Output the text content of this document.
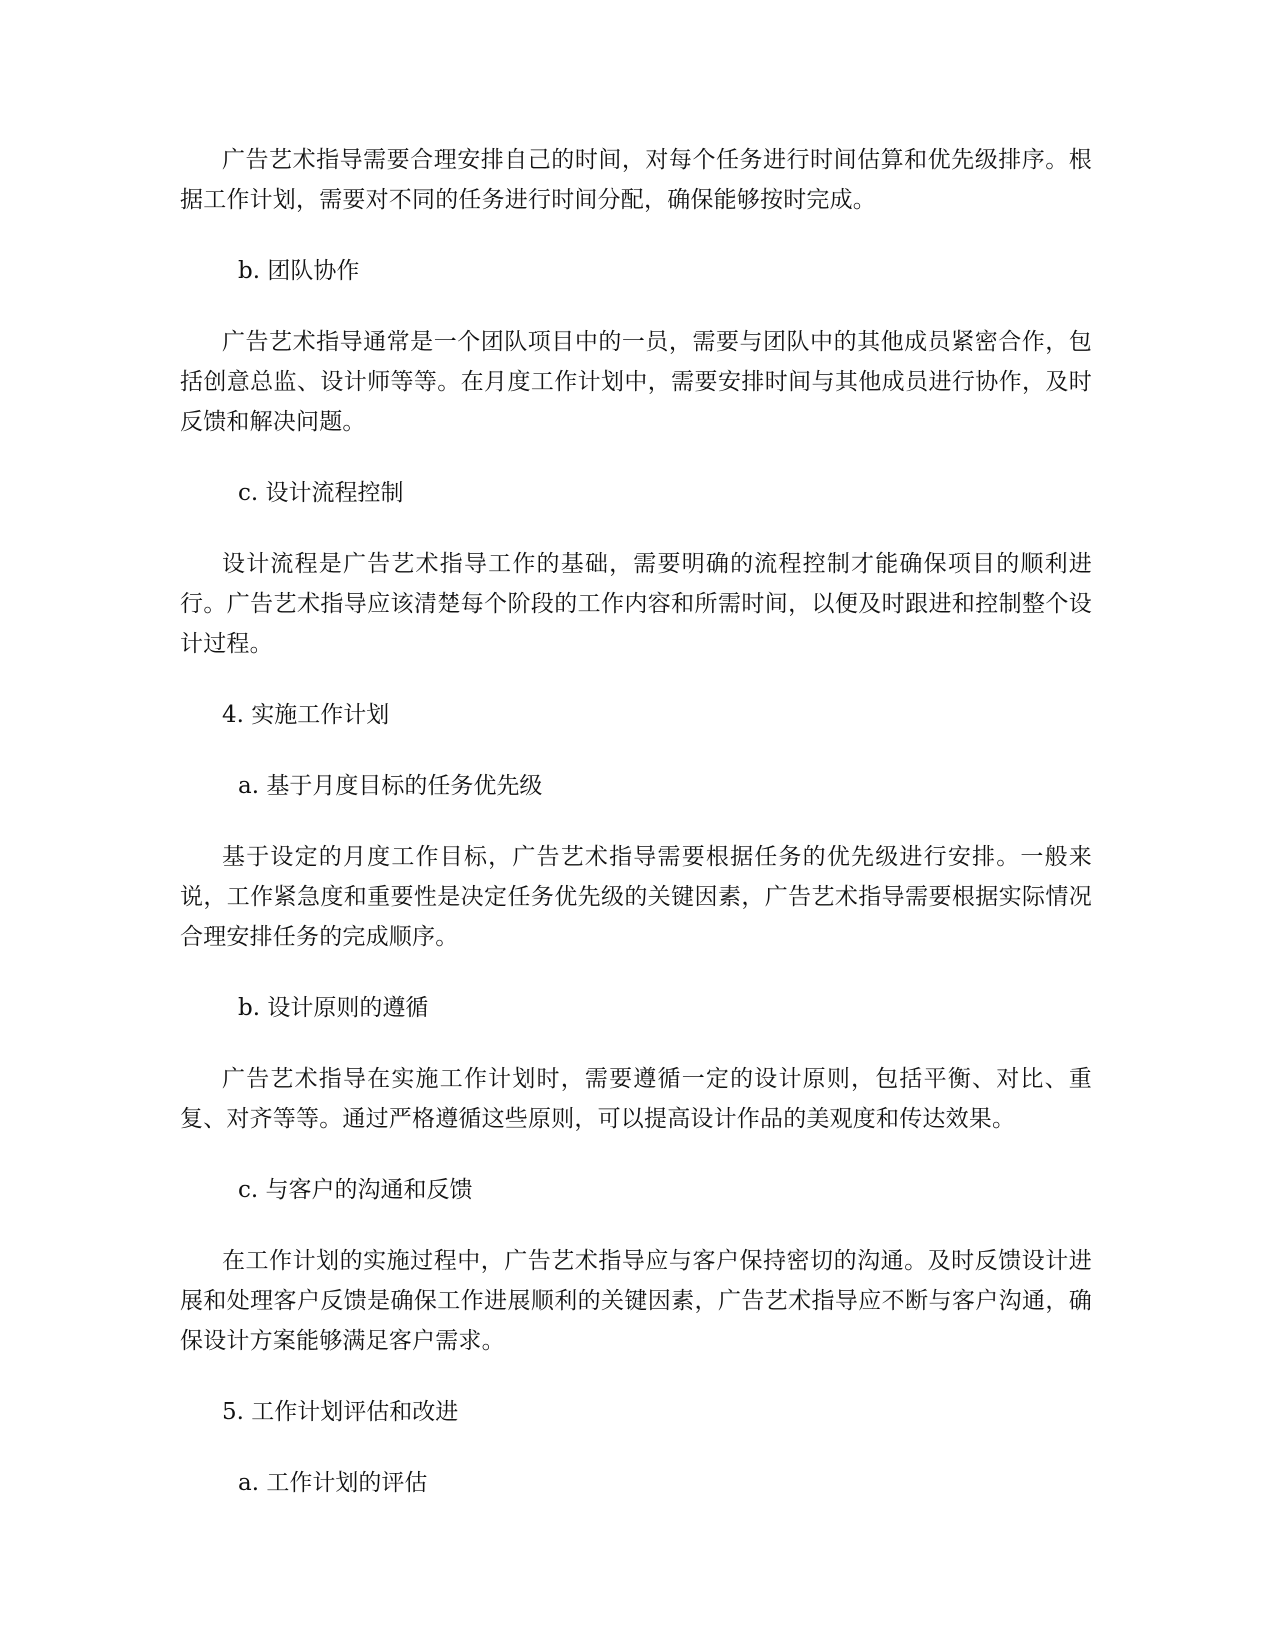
广告艺术指导需要合理安排自己的时间，对每个任务进行时间估算和优先级排序。根据工作计划，需要对不同的任务进行时间分配，确保能够按时完成。

b. 团队协作

广告艺术指导通常是一个团队项目中的一员，需要与团队中的其他成员紧密合作，包括创意总监、设计师等等。在月度工作计划中，需要安排时间与其他成员进行协作，及时反馈和解决问题。

c. 设计流程控制

设计流程是广告艺术指导工作的基础，需要明确的流程控制才能确保项目的顺利进行。广告艺术指导应该清楚每个阶段的工作内容和所需时间，以便及时跟进和控制整个设计过程。

4. 实施工作计划

a. 基于月度目标的任务优先级

基于设定的月度工作目标，广告艺术指导需要根据任务的优先级进行安排。一般来说，工作紧急度和重要性是决定任务优先级的关键因素，广告艺术指导需要根据实际情况合理安排任务的完成顺序。

b. 设计原则的遵循

广告艺术指导在实施工作计划时，需要遵循一定的设计原则，包括平衡、对比、重复、对齐等等。通过严格遵循这些原则，可以提高设计作品的美观度和传达效果。

c. 与客户的沟通和反馈

在工作计划的实施过程中，广告艺术指导应与客户保持密切的沟通。及时反馈设计进展和处理客户反馈是确保工作进展顺利的关键因素，广告艺术指导应不断与客户沟通，确保设计方案能够满足客户需求。

5. 工作计划评估和改进

a. 工作计划的评估
